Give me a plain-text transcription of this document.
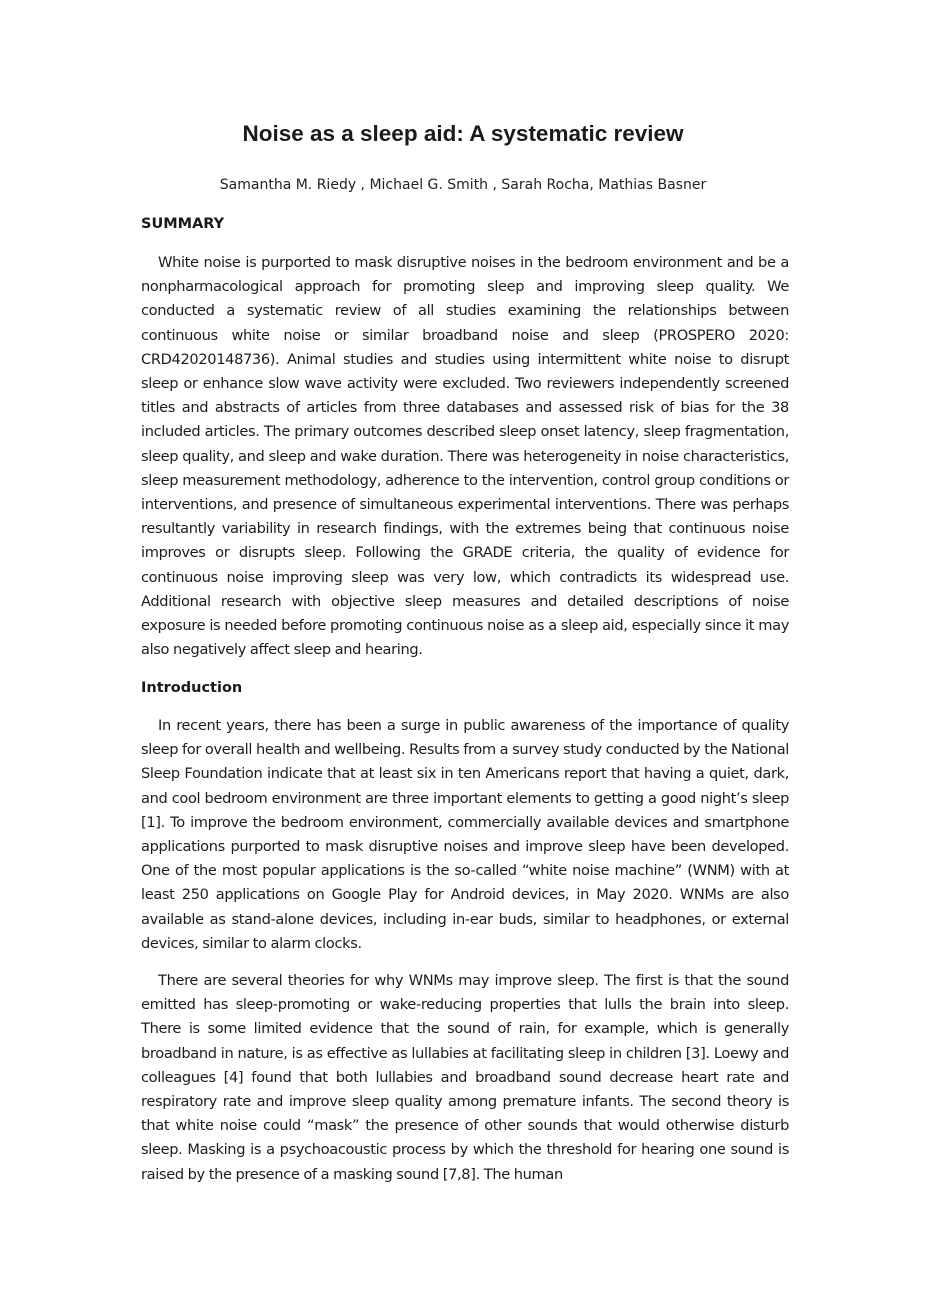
Noise as a sleep aid: A systematic review
Samantha M. Riedy , Michael G. Smith , Sarah Rocha, Mathias Basner
SUMMARY

White noise is purported to mask disruptive noises in the bedroom environment and be a nonpharmacological approach for promoting sleep and improving sleep quality. We conducted a systematic review of all studies examining the relationships between continuous white noise or similar broadband noise and sleep (PROSPERO 2020: CRD42020148736). Animal studies and studies using intermittent white noise to disrupt sleep or enhance slow wave activity were excluded. Two reviewers independently screened titles and abstracts of articles from three databases and assessed risk of bias for the 38 included articles. The primary outcomes described sleep onset latency, sleep fragmentation, sleep quality, and sleep and wake duration. There was heterogeneity in noise characteristics, sleep measurement methodology, adherence to the intervention, control group conditions or interventions, and presence of simultaneous experimental interventions. There was perhaps resultantly variability in research findings, with the extremes being that continuous noise improves or disrupts sleep. Following the GRADE criteria, the quality of evidence for continuous noise improving sleep was very low, which contradicts its widespread use. Additional research with objective sleep measures and detailed descriptions of noise exposure is needed before promoting continuous noise as a sleep aid, especially since it may also negatively affect sleep and hearing.

Introduction

In recent years, there has been a surge in public awareness of the importance of quality sleep for overall health and wellbeing. Results from a survey study conducted by the National Sleep Foundation indicate that at least six in ten Americans report that having a quiet, dark, and cool bedroom environment are three important elements to getting a good night’s sleep [1]. To improve the bedroom environment, commercially available devices and smartphone applications purported to mask disruptive noises and improve sleep have been developed. One of the most popular applications is the so-called “white noise machine” (WNM) with at least 250 applications on Google Play for Android devices, in May 2020. WNMs are also available as stand-alone devices, including in-ear buds, similar to headphones, or external devices, similar to alarm clocks.

There are several theories for why WNMs may improve sleep. The first is that the sound emitted has sleep-promoting or wake-reducing properties that lulls the brain into sleep. There is some limited evidence that the sound of rain, for example, which is generally broadband in nature, is as effective as lullabies at facilitating sleep in children [3]. Loewy and colleagues [4] found that both lullabies and broadband sound decrease heart rate and respiratory rate and improve sleep quality among premature infants. The second theory is that white noise could “mask” the presence of other sounds that would otherwise disturb sleep. Masking is a psychoacoustic process by which the threshold for hearing one sound is raised by the presence of a masking sound [7,8]. The human
